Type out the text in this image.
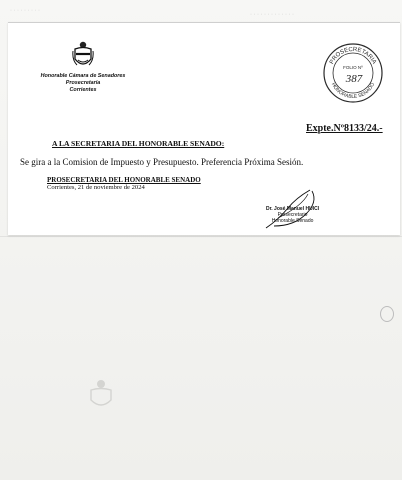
· · · · · · · · ·
· · · · · · · · · · · · ·
Honorable Cámara de Senadores
Prosecretaría
Corrientes
PROSECRETARIA
HONORABLE SENADO
FOLIO Nº
387
Expte.Nº8133/24.-
A LA SECRETARIA DEL HONORABLE SENADO:
Se gira a la Comision de Impuesto y Presupuesto. Preferencia Próxima Sesión.
PROSECRETARIA DEL HONORABLE SENADO
Corrientes, 21 de noviembre de 2024
Dr. José Manuel HUICI
Prosecretario
Honorable Senado
